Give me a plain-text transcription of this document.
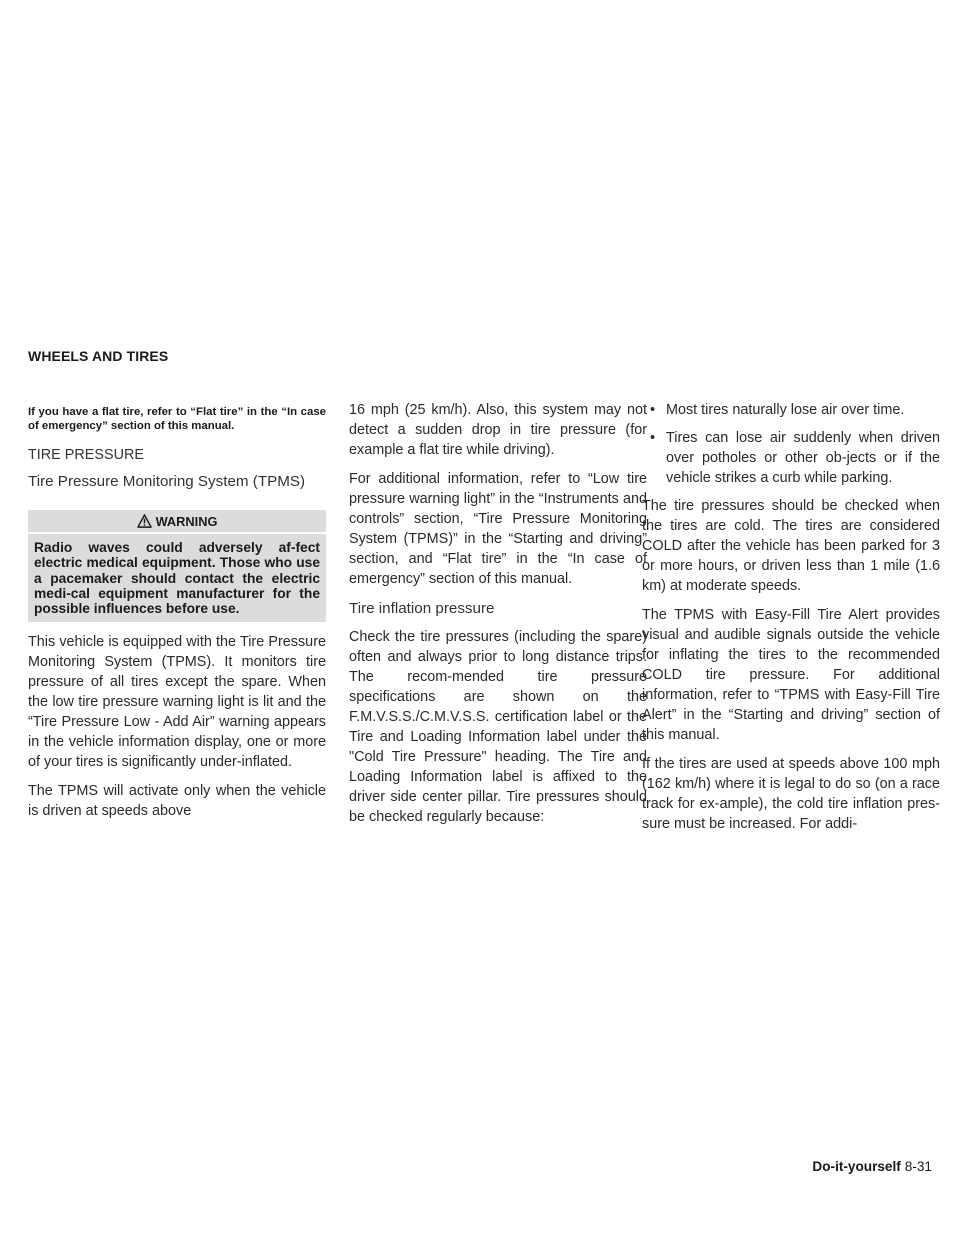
WHEELS AND TIRES

If you have a flat tire, refer to “Flat tire” in the “In case of emergency” section of this manual.

TIRE PRESSURE

Tire Pressure Monitoring System (TPMS)

WARNING
Radio waves could adversely af-fect electric medical equipment. Those who use a pacemaker should contact the electric medi-cal equipment manufacturer for the possible influences before use.

This vehicle is equipped with the Tire Pressure Monitoring System (TPMS). It monitors tire pressure of all tires except the spare. When the low tire pressure warning light is lit and the “Tire Pressure Low - Add Air” warning appears in the vehicle information display, one or more of your tires is significantly under-inflated.

The TPMS will activate only when the vehicle is driven at speeds above

16 mph (25 km/h). Also, this system may not detect a sudden drop in tire pressure (for example a flat tire while driving).

For additional information, refer to “Low tire pressure warning light” in the “Instruments and controls” section, “Tire Pressure Monitoring System (TPMS)” in the “Starting and driving” section, and “Flat tire” in the “In case of emergency” section of this manual.

Tire inflation pressure

Check the tire pressures (including the spare) often and always prior to long distance trips. The recom-mended tire pressure specifications are shown on the F.M.V.S.S./C.M.V.S.S. certification label or the Tire and Loading Information label under the "Cold Tire Pressure" heading. The Tire and Loading Information label is affixed to the driver side center pillar. Tire pressures should be checked regularly because:

• Most tires naturally lose air over time.
• Tires can lose air suddenly when driven over potholes or other ob-jects or if the vehicle strikes a curb while parking.

The tire pressures should be checked when the tires are cold. The tires are considered COLD after the vehicle has been parked for 3 or more hours, or driven less than 1 mile (1.6 km) at moderate speeds.

The TPMS with Easy-Fill Tire Alert provides visual and audible signals outside the vehicle for inflating the tires to the recommended COLD tire pressure. For additional information, refer to “TPMS with Easy-Fill Tire Alert” in the “Starting and driving” section of this manual.

If the tires are used at speeds above 100 mph (162 km/h) where it is legal to do so (on a race track for ex-ample), the cold tire inflation pres-sure must be increased. For addi-

Do-it-yourself 8-31
